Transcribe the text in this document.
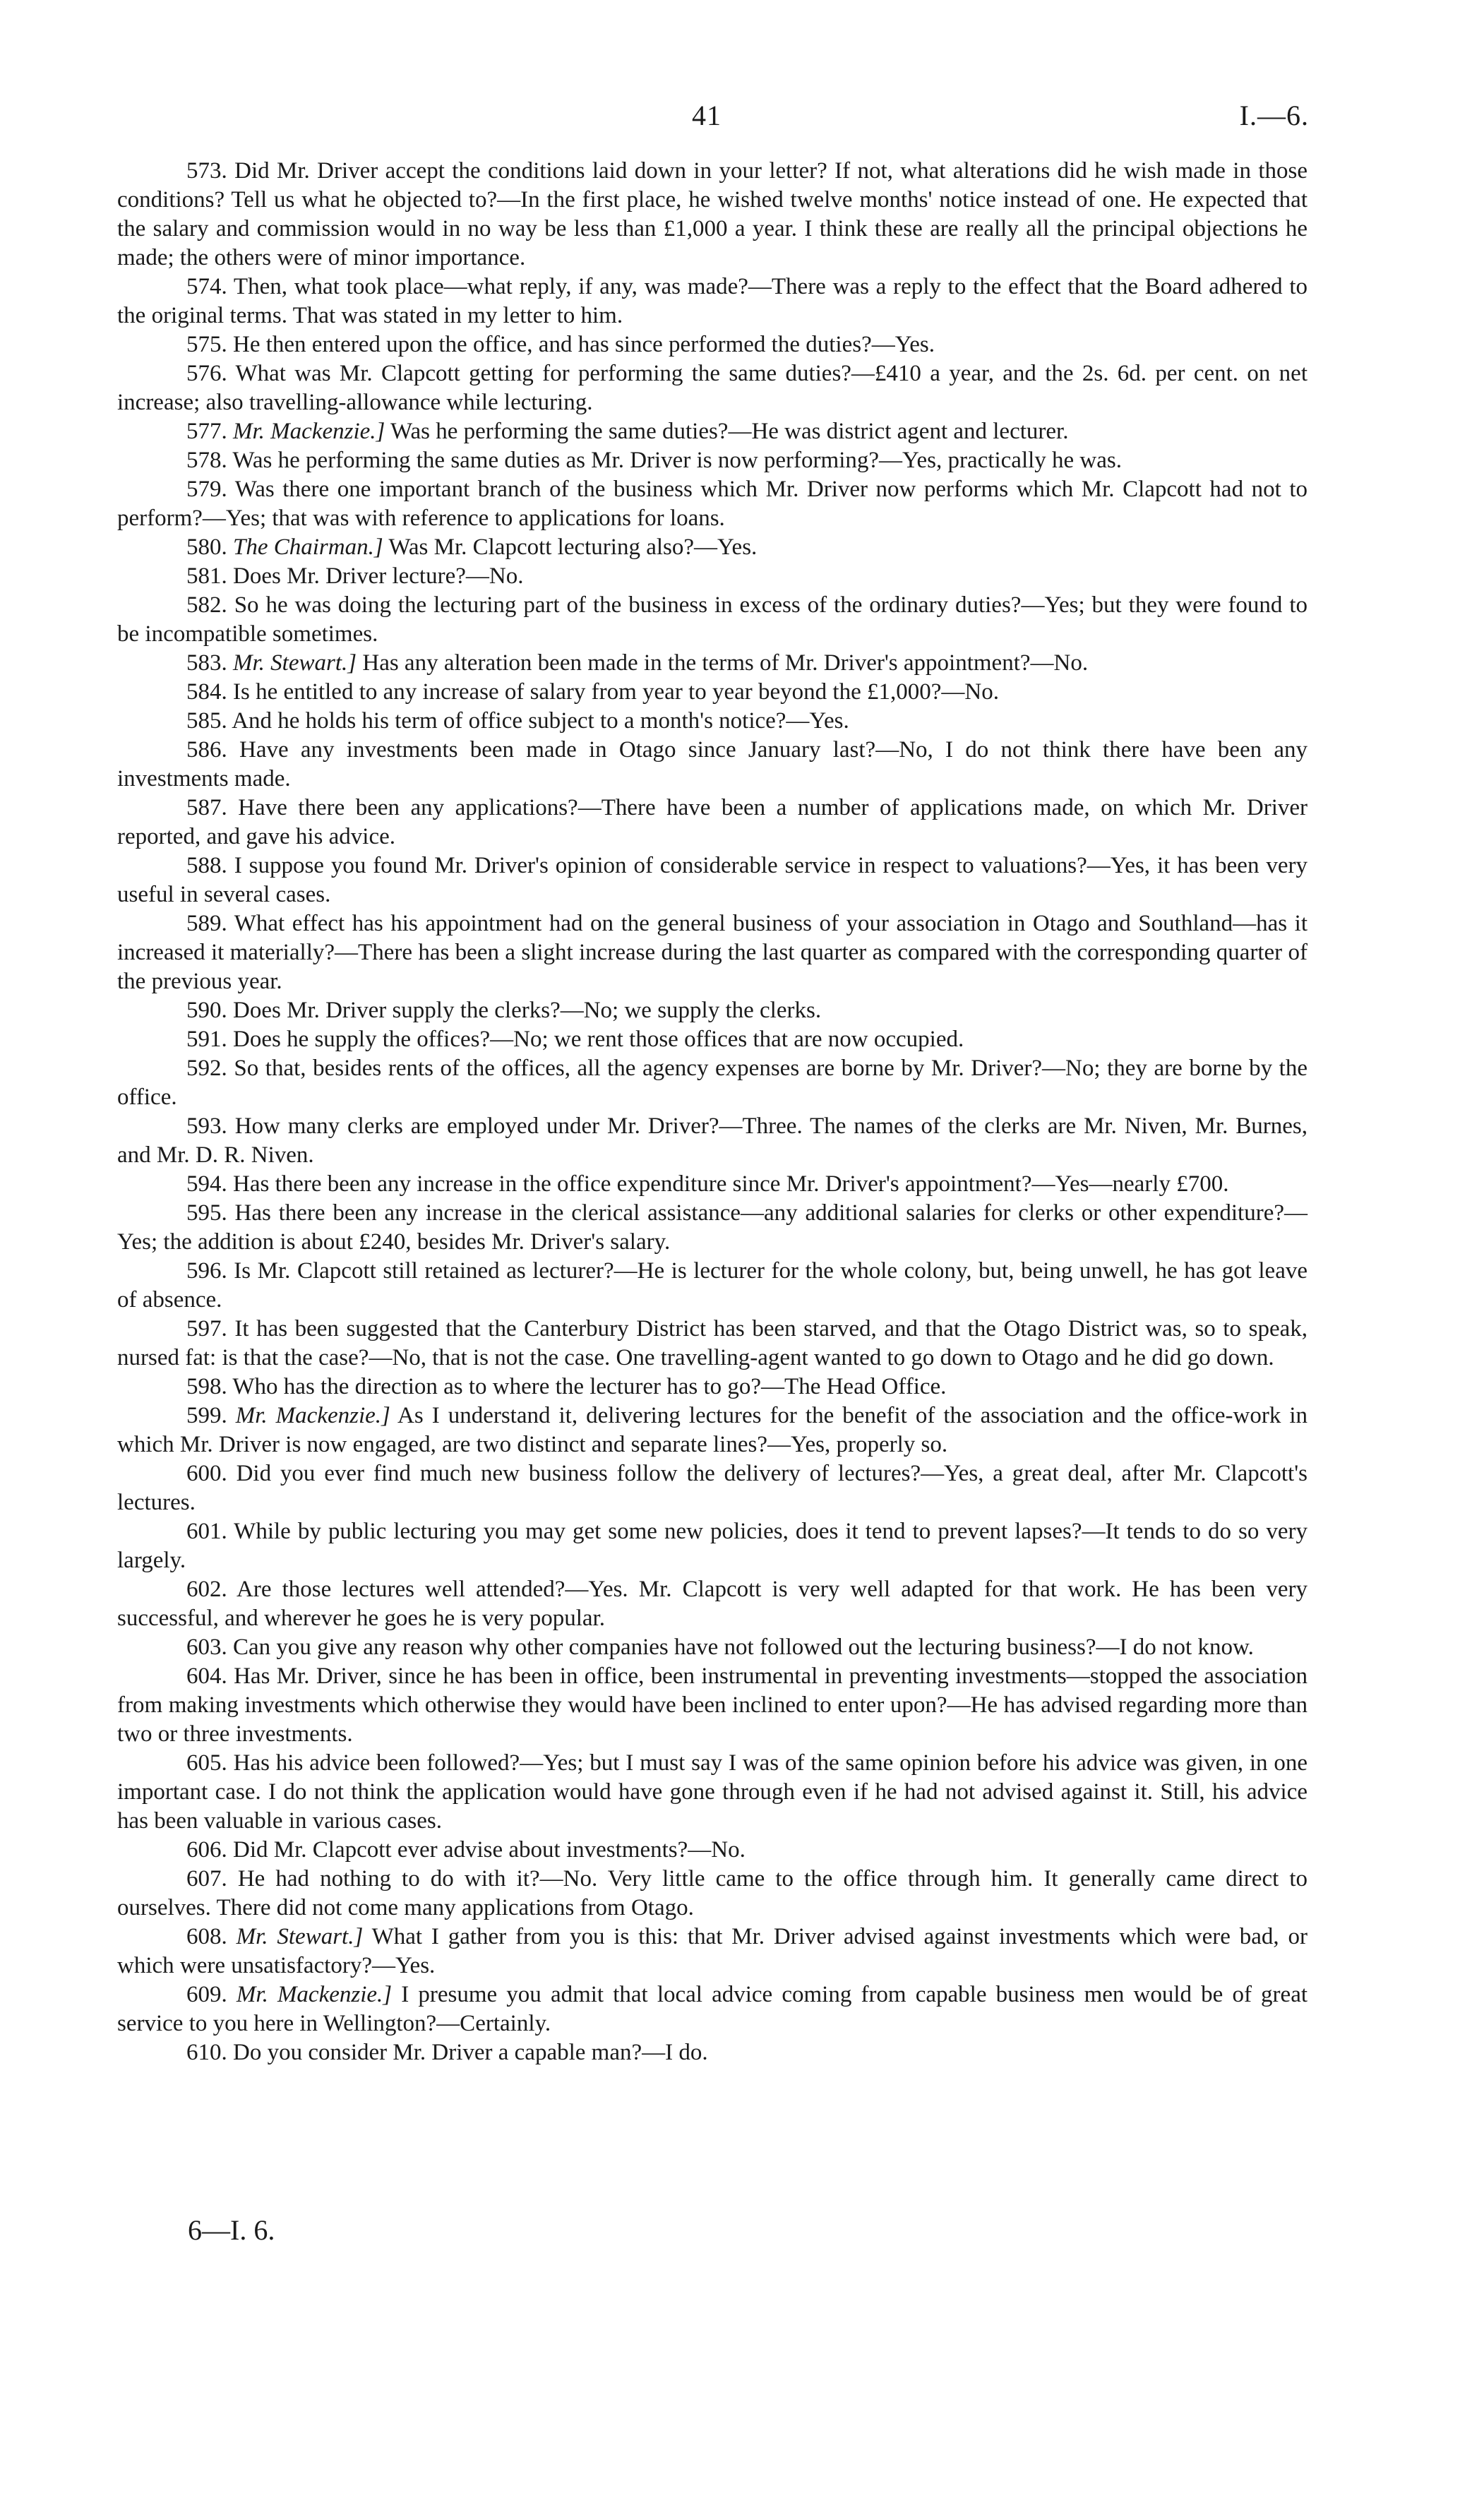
41	I.—6.

573. Did Mr. Driver accept the conditions laid down in your letter? If not, what alterations did he wish made in those conditions? Tell us what he objected to?—In the first place, he wished twelve months' notice instead of one. He expected that the salary and commission would in no way be less than £1,000 a year. I think these are really all the principal objections he made; the others were of minor importance.

574. Then, what took place—what reply, if any, was made?—There was a reply to the effect that the Board adhered to the original terms. That was stated in my letter to him.

575. He then entered upon the office, and has since performed the duties?—Yes.

576. What was Mr. Clapcott getting for performing the same duties?—£410 a year, and the 2s. 6d. per cent. on net increase; also travelling-allowance while lecturing.

577. Mr. Mackenzie.] Was he performing the same duties?—He was district agent and lecturer.

578. Was he performing the same duties as Mr. Driver is now performing?—Yes, practically he was.

579. Was there one important branch of the business which Mr. Driver now performs which Mr. Clapcott had not to perform?—Yes; that was with reference to applications for loans.

580. The Chairman.] Was Mr. Clapcott lecturing also?—Yes.

581. Does Mr. Driver lecture?—No.

582. So he was doing the lecturing part of the business in excess of the ordinary duties?—Yes; but they were found to be incompatible sometimes.

583. Mr. Stewart.] Has any alteration been made in the terms of Mr. Driver's appointment?—No.

584. Is he entitled to any increase of salary from year to year beyond the £1,000?—No.

585. And he holds his term of office subject to a month's notice?—Yes.

586. Have any investments been made in Otago since January last?—No, I do not think there have been any investments made.

587. Have there been any applications?—There have been a number of applications made, on which Mr. Driver reported, and gave his advice.

588. I suppose you found Mr. Driver's opinion of considerable service in respect to valuations?—Yes, it has been very useful in several cases.

589. What effect has his appointment had on the general business of your association in Otago and Southland—has it increased it materially?—There has been a slight increase during the last quarter as compared with the corresponding quarter of the previous year.

590. Does Mr. Driver supply the clerks?—No; we supply the clerks.

591. Does he supply the offices?—No; we rent those offices that are now occupied.

592. So that, besides rents of the offices, all the agency expenses are borne by Mr. Driver?—No; they are borne by the office.

593. How many clerks are employed under Mr. Driver?—Three. The names of the clerks are Mr. Niven, Mr. Burnes, and Mr. D. R. Niven.

594. Has there been any increase in the office expenditure since Mr. Driver's appointment?—Yes—nearly £700.

595. Has there been any increase in the clerical assistance—any additional salaries for clerks or other expenditure?—Yes; the addition is about £240, besides Mr. Driver's salary.

596. Is Mr. Clapcott still retained as lecturer?—He is lecturer for the whole colony, but, being unwell, he has got leave of absence.

597. It has been suggested that the Canterbury District has been starved, and that the Otago District was, so to speak, nursed fat: is that the case?—No, that is not the case. One travelling-agent wanted to go down to Otago and he did go down.

598. Who has the direction as to where the lecturer has to go?—The Head Office.

599. Mr. Mackenzie.] As I understand it, delivering lectures for the benefit of the association and the office-work in which Mr. Driver is now engaged, are two distinct and separate lines?—Yes, properly so.

600. Did you ever find much new business follow the delivery of lectures?—Yes, a great deal, after Mr. Clapcott's lectures.

601. While by public lecturing you may get some new policies, does it tend to prevent lapses?—It tends to do so very largely.

602. Are those lectures well attended?—Yes. Mr. Clapcott is very well adapted for that work. He has been very successful, and wherever he goes he is very popular.

603. Can you give any reason why other companies have not followed out the lecturing business?—I do not know.

604. Has Mr. Driver, since he has been in office, been instrumental in preventing investments—stopped the association from making investments which otherwise they would have been inclined to enter upon?—He has advised regarding more than two or three investments.

605. Has his advice been followed?—Yes; but I must say I was of the same opinion before his advice was given, in one important case. I do not think the application would have gone through even if he had not advised against it. Still, his advice has been valuable in various cases.

606. Did Mr. Clapcott ever advise about investments?—No.

607. He had nothing to do with it?—No. Very little came to the office through him. It generally came direct to ourselves. There did not come many applications from Otago.

608. Mr. Stewart.] What I gather from you is this: that Mr. Driver advised against investments which were bad, or which were unsatisfactory?—Yes.

609. Mr. Mackenzie.] I presume you admit that local advice coming from capable business men would be of great service to you here in Wellington?—Certainly.

610. Do you consider Mr. Driver a capable man?—I do.

6—I. 6.
